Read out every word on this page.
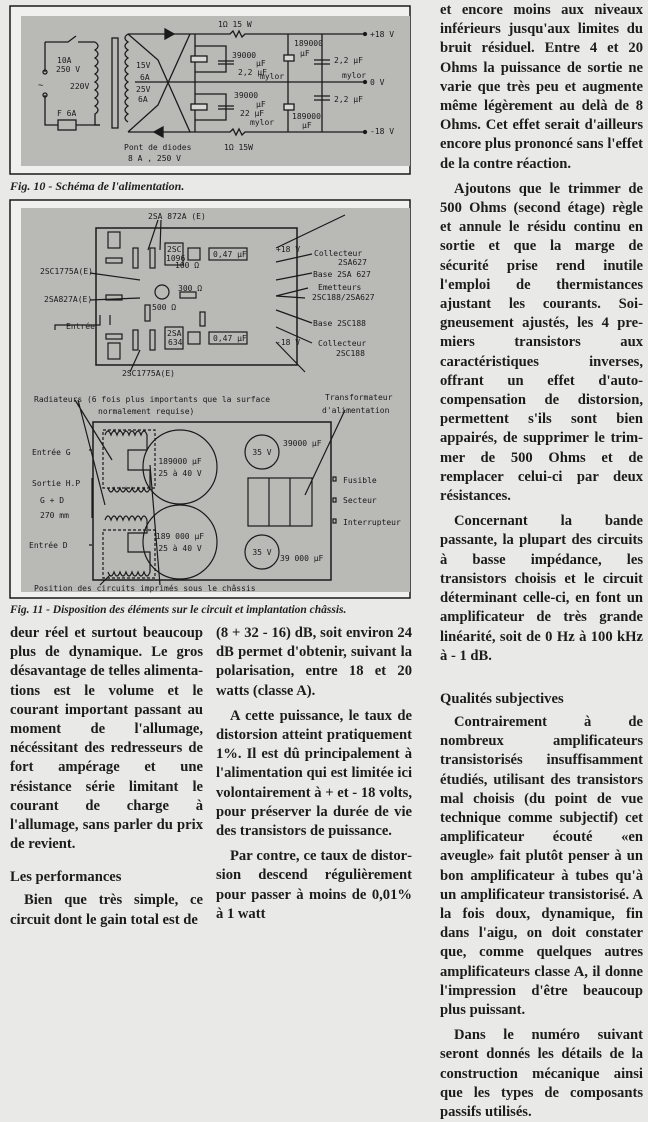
1Ω 15 W
+18 V
10A
250 V	15V
6A
220V	25V
6A
39000
µF
2,2 µF
mylor
189000
µF
2,2 µF
mylor
0 V
2,2 µF
39000
µF
22 µF
mylor
189000
µF
-18 V
1Ω 15W
Pont de diodes
8 A , 250 V
F 6A
~
2SA 872A (E)
2SC1775A(E)
2SA827A(E)
Entrée
2SC1775A(E)
+18 V
-18 V
Collecteur
2SA627
Base 2SA 627
Emetteurs
2SC188/2SA627
Base 2SC188
Collecteur
2SC188
0,47 µF
0,47 µF
300 Ω
500 Ω
100 Ω
2SC
1096
2SA
634
Radiateurs (6 fois plus importants que la surface
normalement requise)
Transformateur
d'alimentation
Entrée G
Sortie H.P
G + D
270 mm
Entrée D
189000 µF
25 à 40 V
189 000 µF
25 à 40 V
35 V
39000 µF
35 V
39 000 µF
Fusible
Secteur
Interrupteur
Position des circuits imprimés sous le châssis
Fig. 10 - Schéma de l'alimentation.
Fig. 11 - Disposition des éléments sur le circuit et implantation châssis.

deur réel et surtout beaucoup plus de dynamique. Le gros désavantage de telles alimentations est le volume et le courant important passant au moment de l'allumage, nécéssitant des redresseurs de fort ampérage et une résistance série limitant le courant de charge à l'allumage, sans parler du prix de revient.

Les performances

Bien que très simple, ce circuit dont le gain total est de

(8 + 32 - 16) dB, soit environ 24 dB permet d'obtenir, suivant la polarisation, entre 18 et 20 watts (classe A).

A cette puissance, le taux de distorsion atteint pratiquement 1%. Il est dû principalement à l'alimentation qui est limitée ici volontairement à + et - 18 volts, pour préserver la durée de vie des transistors de puissance.

Par contre, ce taux de distorsion descend régulièrement pour passer à moins de 0,01% à 1 watt

et encore moins aux niveaux inférieurs jusqu'aux limites du bruit résiduel. Entre 4 et 20 Ohms la puissance de sortie ne varie que très peu et augmente même légèrement au delà de 8 Ohms. Cet effet serait d'ailleurs encore plus prononcé sans l'effet de la contre réaction.

Ajoutons que le trimmer de 500 Ohms (second étage) règle et annule le résidu continu en sortie et que la marge de sécurité prise rend inutile l'emploi de thermistances ajustant les courants. Soigneusement ajustés, les 4 premiers transistors aux caractéristiques inverses, offrant un effet d'auto-compensation de distorsion, permettent s'ils sont bien appairés, de supprimer le trimmer de 500 Ohms et de remplacer celui-ci par deux résistances.

Concernant la bande passante, la plupart des circuits à basse impédance, les transistors choisis et le circuit déterminant celle-ci, en font un amplificateur de très grande linéarité, soit de 0 Hz à 100 kHz à - 1 dB.

Qualités subjectives

Contrairement à de nombreux amplificateurs transistorisés insuffisamment étudiés, utilisant des transistors mal choisis (du point de vue technique comme subjectif) cet amplificateur écouté «en aveugle» fait plutôt penser à un bon amplificateur à tubes qu'à un amplificateur transistorisé. A la fois doux, dynamique, fin dans l'aigu, on doit constater que, comme quelques autres amplificateurs classe A, il donne l'impression d'être beaucoup plus puissant.

Dans le numéro suivant seront donnés les détails de la construction mécanique ainsi que les types de composants passifs utilisés.
